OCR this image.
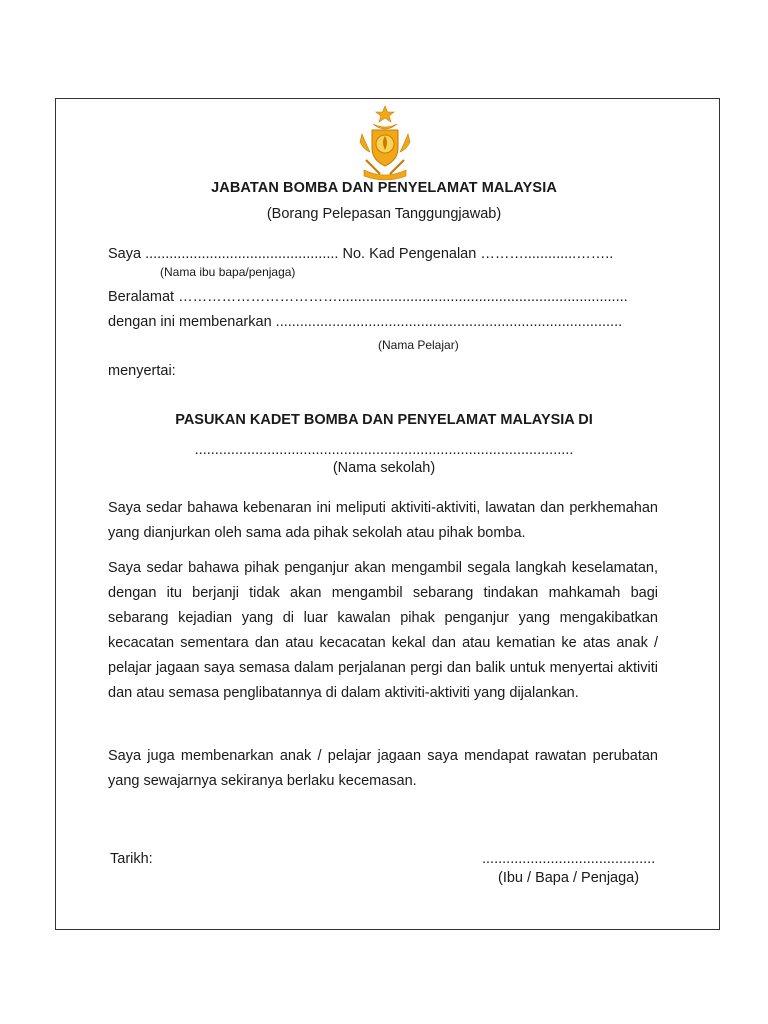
JABATAN BOMBA DAN PENYELAMAT MALAYSIA
(Borang Pelepasan Tanggungjawab)
Saya ................................................ No. Kad Pengenalan ……….............……..
(Nama ibu bapa/penjaga)
Beralamat ……………………………........................................................................
dengan ini membenarkan ......................................................................................
(Nama Pelajar)
menyertai:
PASUKAN KADET BOMBA DAN PENYELAMAT MALAYSIA DI
..............................................................................................
(Nama sekolah)
Saya sedar bahawa kebenaran ini meliputi aktiviti-aktiviti, lawatan dan perkhemahan yang dianjurkan oleh sama ada pihak sekolah atau pihak bomba.
Saya sedar bahawa pihak penganjur akan mengambil segala langkah keselamatan, dengan itu berjanji tidak akan mengambil sebarang tindakan mahkamah bagi sebarang kejadian yang di luar kawalan pihak penganjur yang mengakibatkan kecacatan sementara dan atau kecacatan kekal dan atau kematian ke atas anak / pelajar jagaan saya semasa dalam perjalanan pergi dan balik untuk menyertai aktiviti dan atau semasa penglibatannya di dalam aktiviti-aktiviti yang dijalankan.
Saya juga membenarkan anak / pelajar jagaan saya mendapat rawatan perubatan yang sewajarnya sekiranya berlaku kecemasan.
Tarikh:	...........................................
(Ibu / Bapa / Penjaga)
